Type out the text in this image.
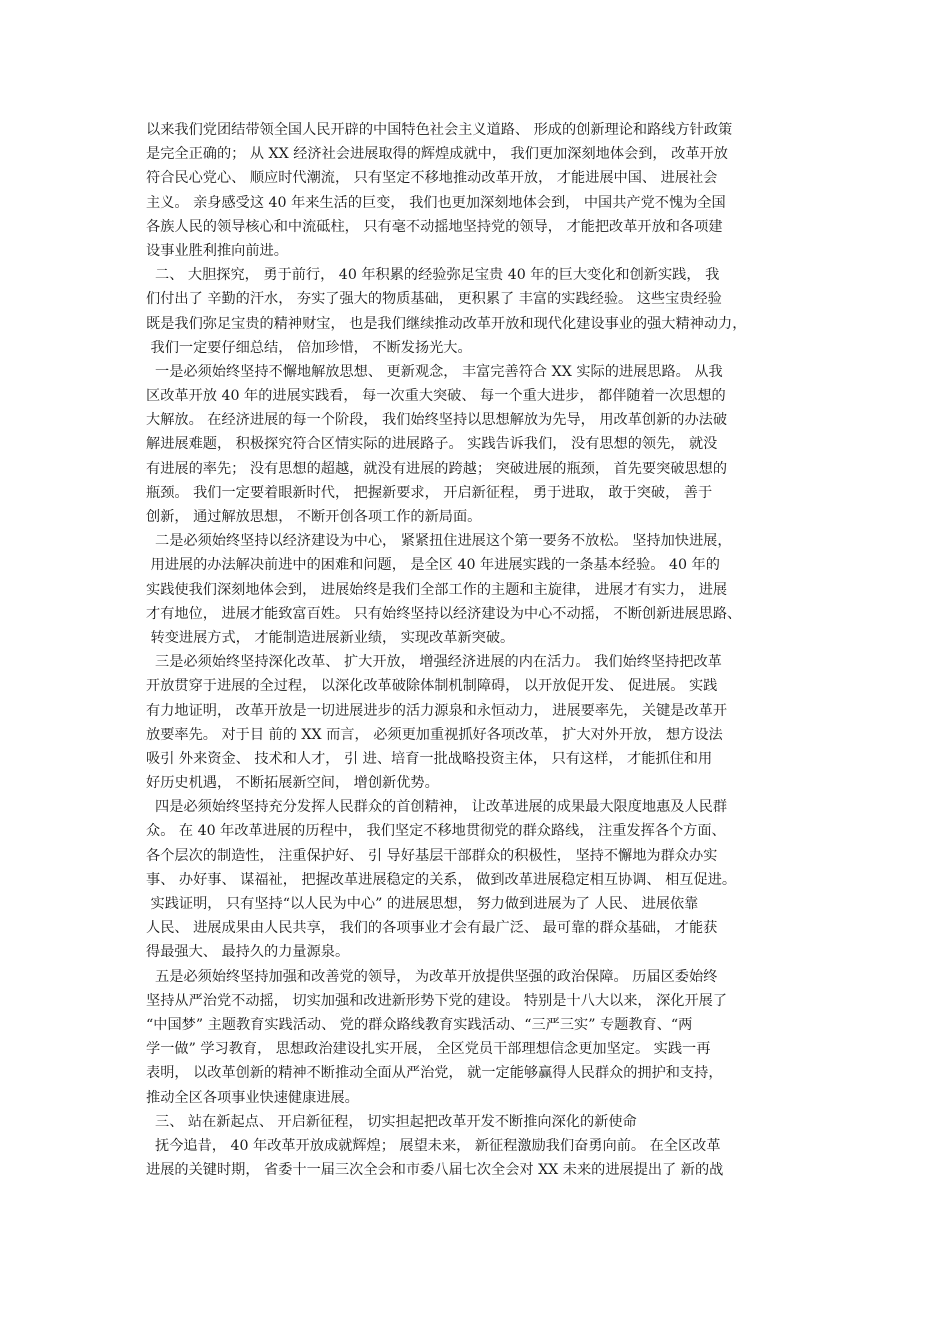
以来我们党团结带领全国人民开辟的中国特色社会主义道路、 形成的创新理论和路线方针政策
是完全正确的； 从 XX 经济社会进展取得的辉煌成就中， 我们更加深刻地体会到， 改革开放
符合民心党心、 顺应时代潮流， 只有坚定不移地推动改革开放， 才能进展中国、 进展社会
主义。 亲身感受这 40 年来生活的巨变， 我们也更加深刻地体会到， 中国共产党不愧为全国
各族人民的领导核心和中流砥柱， 只有毫不动摇地坚持党的领导， 才能把改革开放和各项建
设事业胜利推向前进。
二、 大胆探究， 勇于前行， 40 年积累的经验弥足宝贵 40 年的巨大变化和创新实践， 我
们付出了 辛勤的汗水， 夯实了强大的物质基础， 更积累了 丰富的实践经验。 这些宝贵经验
既是我们弥足宝贵的精神财宝， 也是我们继续推动改革开放和现代化建设事业的强大精神动力，
我们一定要仔细总结， 倍加珍惜， 不断发扬光大。
一是必须始终坚持不懈地解放思想、 更新观念， 丰富完善符合 XX 实际的进展思路。 从我
区改革开放 40 年的进展实践看， 每一次重大突破、 每一个重大进步， 都伴随着一次思想的
大解放。 在经济进展的每一个阶段， 我们始终坚持以思想解放为先导， 用改革创新的办法破
解进展难题， 积极探究符合区情实际的进展路子。 实践告诉我们， 没有思想的领先， 就没
有进展的率先； 没有思想的超越，就没有进展的跨越； 突破进展的瓶颈， 首先要突破思想的
瓶颈。 我们一定要着眼新时代， 把握新要求， 开启新征程， 勇于进取， 敢于突破， 善于
创新， 通过解放思想， 不断开创各项工作的新局面。
二是必须始终坚持以经济建设为中心， 紧紧扭住进展这个第一要务不放松。 坚持加快进展，
用进展的办法解决前进中的困难和问题， 是全区 40 年进展实践的一条基本经验。 40 年的
实践使我们深刻地体会到， 进展始终是我们全部工作的主题和主旋律， 进展才有实力， 进展
才有地位， 进展才能致富百姓。 只有始终坚持以经济建设为中心不动摇， 不断创新进展思路、
转变进展方式， 才能制造进展新业绩， 实现改革新突破。
三是必须始终坚持深化改革、 扩大开放， 增强经济进展的内在活力。 我们始终坚持把改革
开放贯穿于进展的全过程， 以深化改革破除体制机制障碍， 以开放促开发、 促进展。 实践
有力地证明， 改革开放是一切进展进步的活力源泉和永恒动力， 进展要率先， 关键是改革开
放要率先。 对于目 前的 XX 而言， 必须更加重视抓好各项改革， 扩大对外开放， 想方设法
吸引 外来资金、 技术和人才， 引 进、培育一批战略投资主体， 只有这样， 才能抓住和用
好历史机遇， 不断拓展新空间， 增创新优势。
四是必须始终坚持充分发挥人民群众的首创精神， 让改革进展的成果最大限度地惠及人民群
众。 在 40 年改革进展的历程中， 我们坚定不移地贯彻党的群众路线， 注重发挥各个方面、
各个层次的制造性， 注重保护好、 引 导好基层干部群众的积极性， 坚持不懈地为群众办实
事、 办好事、 谋福祉， 把握改革进展稳定的关系， 做到改革进展稳定相互协调、 相互促进。
实践证明， 只有坚持“以人民为中心” 的进展思想， 努力做到进展为了 人民、 进展依靠
人民、 进展成果由人民共享， 我们的各项事业才会有最广泛、 最可靠的群众基础， 才能获
得最强大、 最持久的力量源泉。
五是必须始终坚持加强和改善党的领导， 为改革开放提供坚强的政治保障。 历届区委始终
坚持从严治党不动摇， 切实加强和改进新形势下党的建设。 特别是十八大以来， 深化开展了
“中国梦” 主题教育实践活动、 党的群众路线教育实践活动、“三严三实” 专题教育、“两
学一做” 学习教育， 思想政治建设扎实开展， 全区党员干部理想信念更加坚定。 实践一再
表明， 以改革创新的精神不断推动全面从严治党， 就一定能够赢得人民群众的拥护和支持，
推动全区各项事业快速健康进展。
三、 站在新起点、 开启新征程， 切实担起把改革开发不断推向深化的新使命
抚今追昔， 40 年改革开放成就辉煌； 展望未来， 新征程激励我们奋勇向前。 在全区改革
进展的关键时期， 省委十一届三次全会和市委八届七次全会对 XX 未来的进展提出了 新的战
